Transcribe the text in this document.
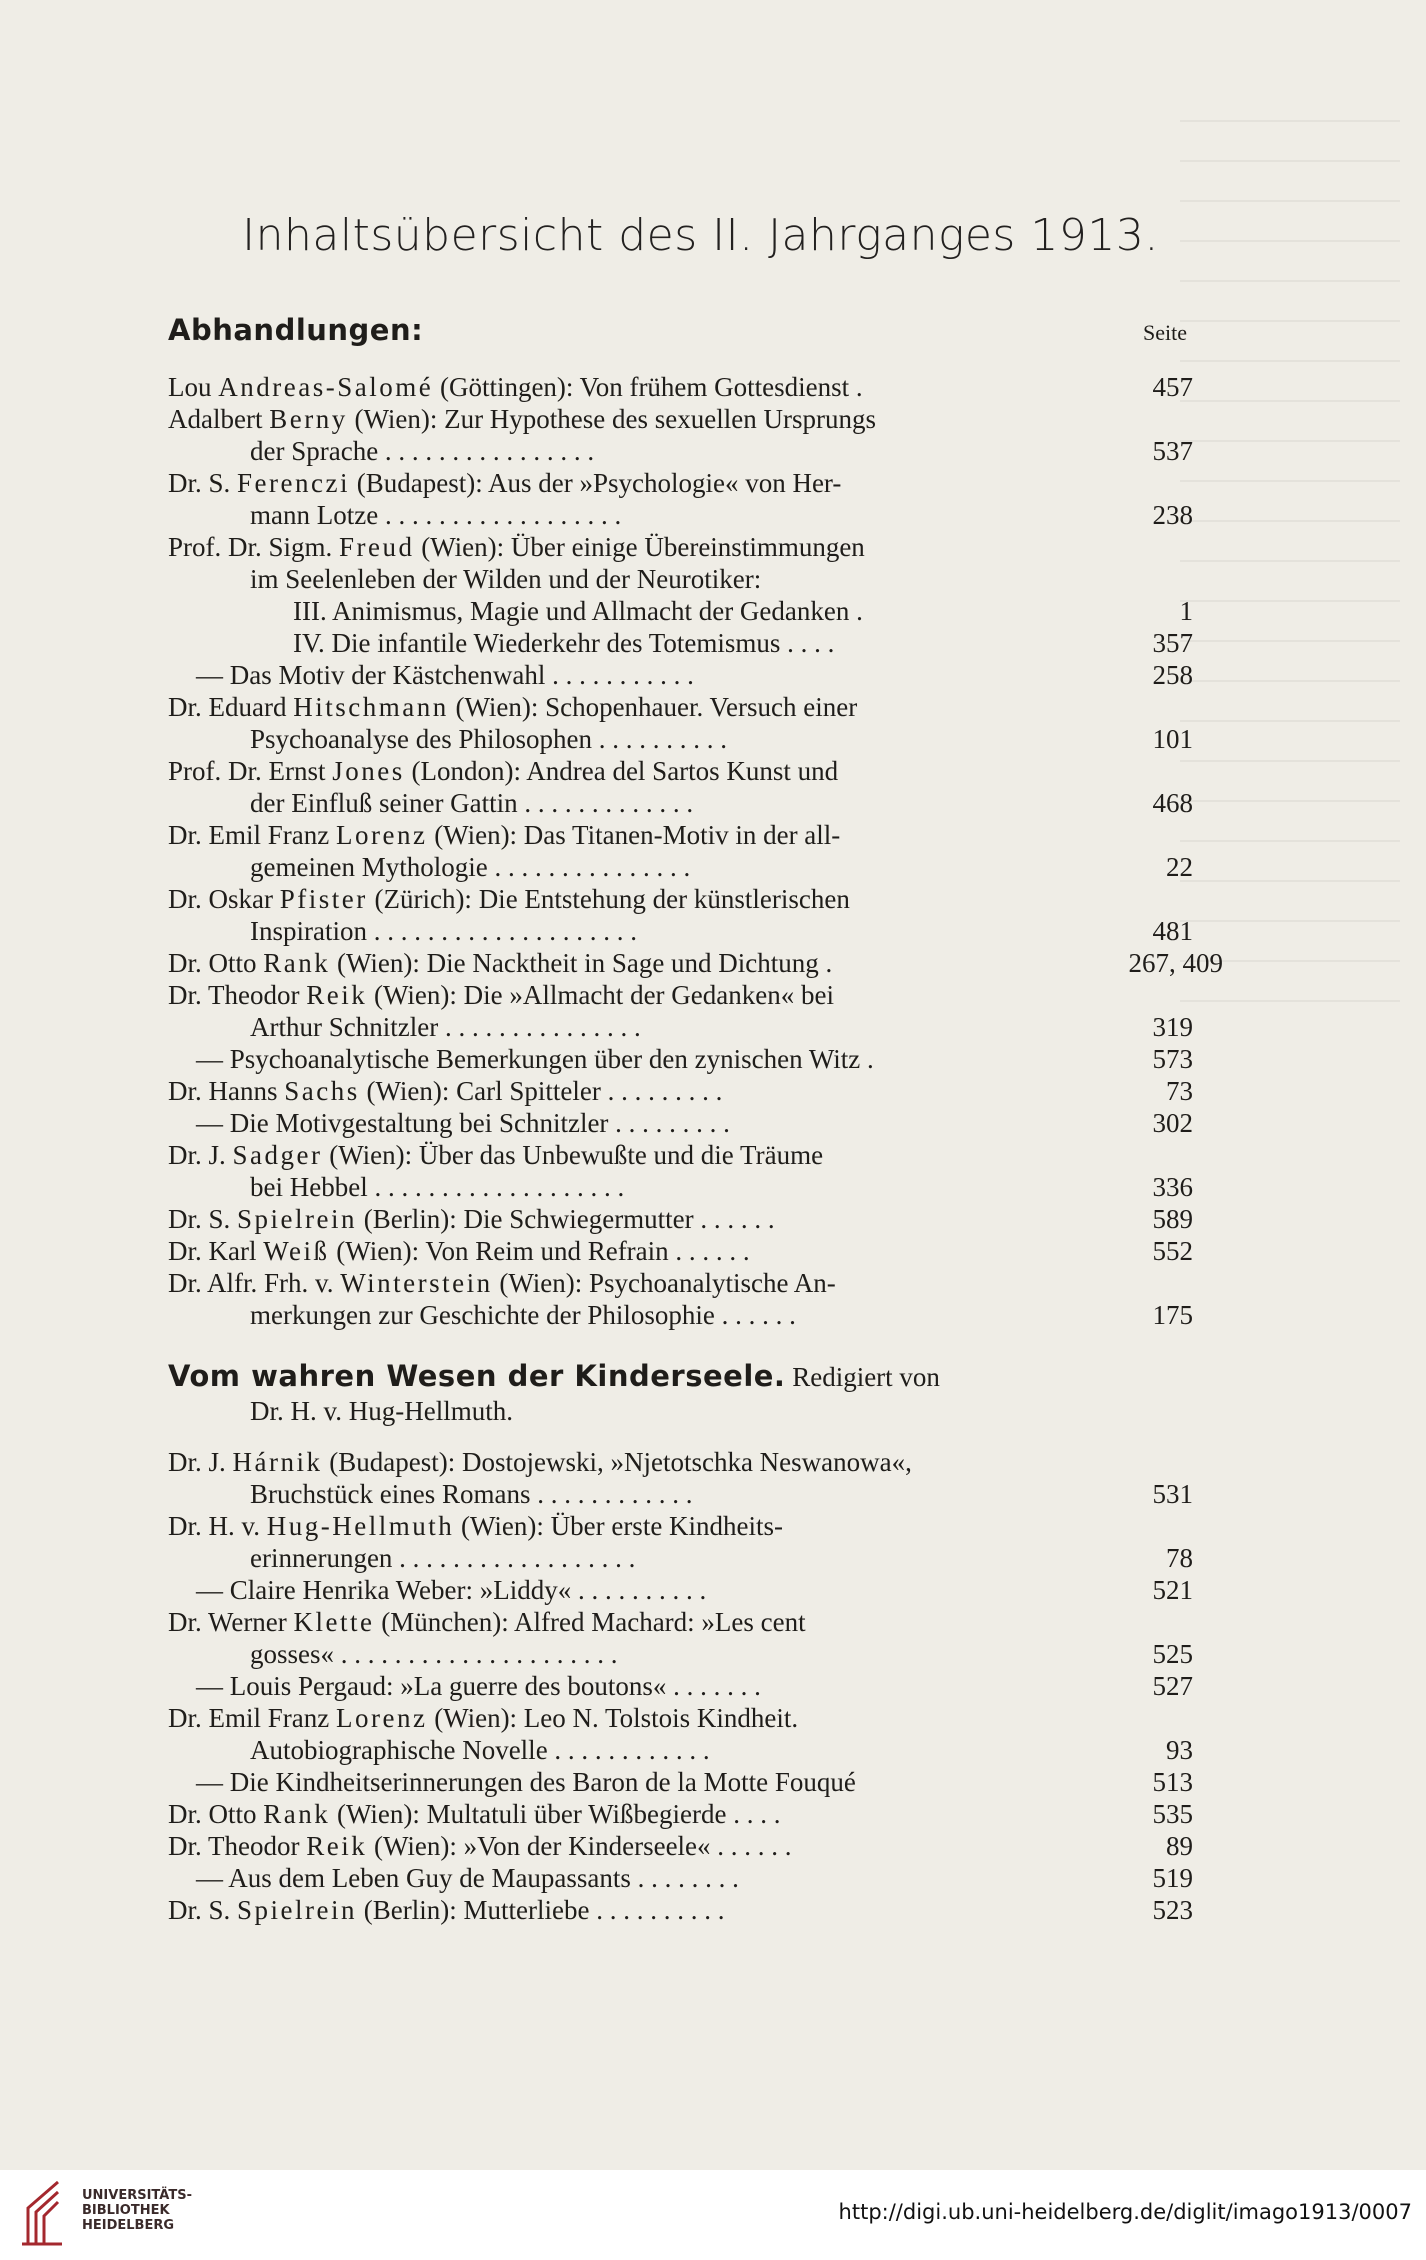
Inhaltsübersicht des II. Jahrganges 1913.
Abhandlungen:	Seite
Lou Andreas-Salomé (Göttingen): Von frühem Gottesdienst .	457
Adalbert Berny (Wien): Zur Hypothese des sexuellen Ursprungs
der Sprache . . . . . . . . . . . . . . . .	537
Dr. S. Ferenczi (Budapest): Aus der »Psychologie« von Her-
mann Lotze . . . . . . . . . . . . . . . . . .	238
Prof. Dr. Sigm. Freud (Wien): Über einige Übereinstimmungen
im Seelenleben der Wilden und der Neurotiker:
III. Animismus, Magie und Allmacht der Gedanken .	1
IV. Die infantile Wiederkehr des Totemismus . . . .	357
— Das Motiv der Kästchenwahl . . . . . . . . . . .	258
Dr. Eduard Hitschmann (Wien): Schopenhauer. Versuch einer
Psychoanalyse des Philosophen . . . . . . . . . .	101
Prof. Dr. Ernst Jones (London): Andrea del Sartos Kunst und
der Einfluß seiner Gattin . . . . . . . . . . . . .	468
Dr. Emil Franz Lorenz (Wien): Das Titanen-Motiv in der all-
gemeinen Mythologie . . . . . . . . . . . . . . .	22
Dr. Oskar Pfister (Zürich): Die Entstehung der künstlerischen
Inspiration . . . . . . . . . . . . . . . . . . . .	481
Dr. Otto Rank (Wien): Die Nacktheit in Sage und Dichtung .	267, 409
Dr. Theodor Reik (Wien): Die »Allmacht der Gedanken« bei
Arthur Schnitzler . . . . . . . . . . . . . . .	319
— Psychoanalytische Bemerkungen über den zynischen Witz .	573
Dr. Hanns Sachs (Wien): Carl Spitteler . . . . . . . . .	73
— Die Motivgestaltung bei Schnitzler . . . . . . . . .	302
Dr. J. Sadger (Wien): Über das Unbewußte und die Träume
bei Hebbel . . . . . . . . . . . . . . . . . . .	336
Dr. S. Spielrein (Berlin): Die Schwiegermutter . . . . . .	589
Dr. Karl Weiß (Wien): Von Reim und Refrain . . . . . .	552
Dr. Alfr. Frh. v. Winterstein (Wien): Psychoanalytische An-
merkungen zur Geschichte der Philosophie . . . . . .	175
Vom wahren Wesen der Kinderseele. Redigiert von
Dr. H. v. Hug-Hellmuth.
Dr. J. Hárnik (Budapest): Dostojewski, »Njetotschka Neswanowa«,
Bruchstück eines Romans . . . . . . . . . . . .	531
Dr. H. v. Hug-Hellmuth (Wien): Über erste Kindheits-
erinnerungen . . . . . . . . . . . . . . . . . .	78
— Claire Henrika Weber: »Liddy« . . . . . . . . . .	521
Dr. Werner Klette (München): Alfred Machard: »Les cent
gosses« . . . . . . . . . . . . . . . . . . . . .	525
— Louis Pergaud: »La guerre des boutons« . . . . . . .	527
Dr. Emil Franz Lorenz (Wien): Leo N. Tolstois Kindheit.
Autobiographische Novelle . . . . . . . . . . . .	93
— Die Kindheitserinnerungen des Baron de la Motte Fouqué	513
Dr. Otto Rank (Wien): Multatuli über Wißbegierde . . . .	535
Dr. Theodor Reik (Wien): »Von der Kinderseele« . . . . . .	89
— Aus dem Leben Guy de Maupassants . . . . . . . .	519
Dr. S. Spielrein (Berlin): Mutterliebe . . . . . . . . . .	523
UNIVERSITÄTS-
BIBLIOTHEK
HEIDELBERG
http://digi.ub.uni-heidelberg.de/diglit/imago1913/0007
